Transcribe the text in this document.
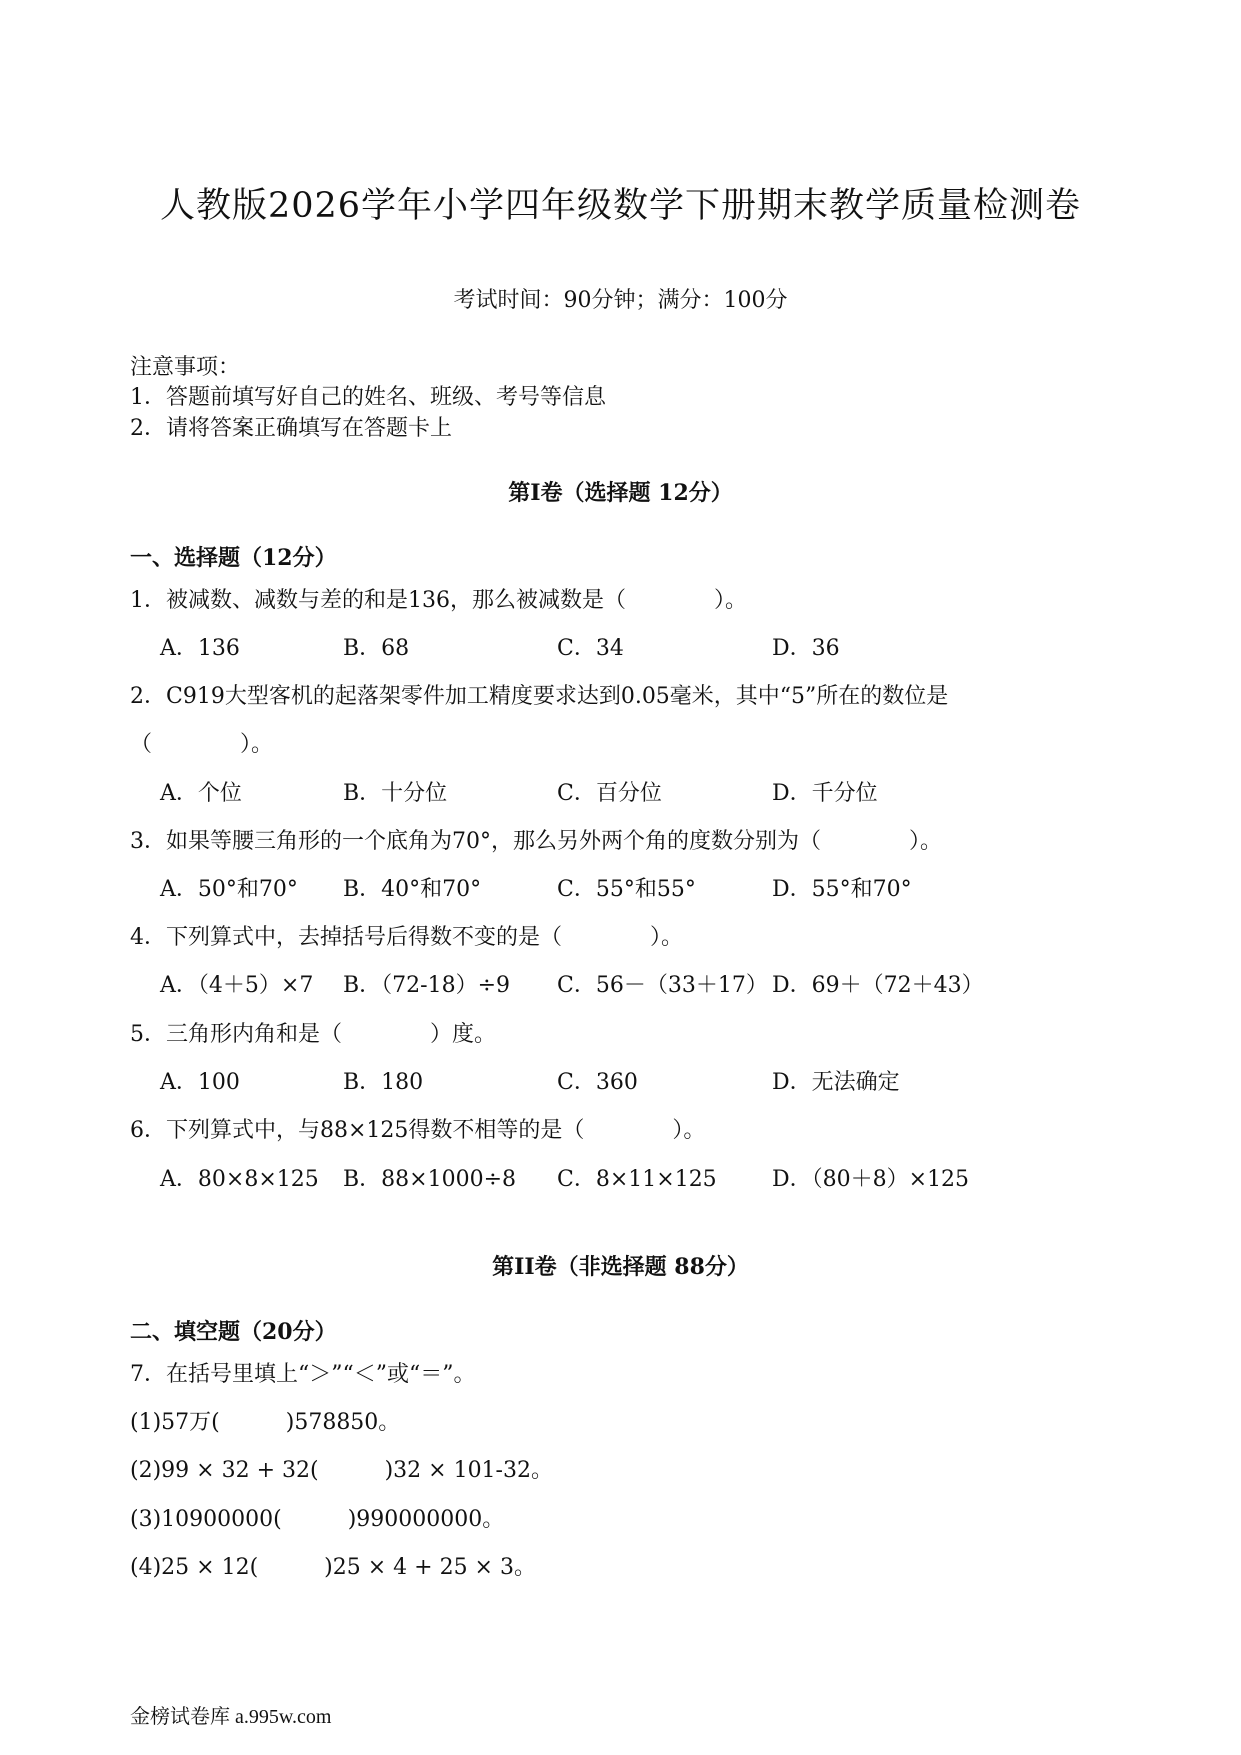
人教版2026学年小学四年级数学下册期末教学质量检测卷
考试时间：90分钟；满分：100分
注意事项：
1．答题前填写好自己的姓名、班级、考号等信息
2．请将答案正确填写在答题卡上
第I卷（选择题 12分）
一、选择题（12分）
1．被减数、减数与差的和是136，那么被减数是（　　　　）。
A．136	B．68	C．34	D．36
2．C919大型客机的起落架零件加工精度要求达到0.05毫米，其中“5”所在的数位是
（　　　　）。
A．个位	B．十分位	C．百分位	D．千分位
3．如果等腰三角形的一个底角为70°，那么另外两个角的度数分别为（　　　　）。
A．50°和70° B．40°和70°	C．55°和55°	D．55°和70°
4．下列算式中，去掉括号后得数不变的是（　　　　）。
A．（4＋5）×7 B．（72-18）÷9 C．56－（33＋17） D．69＋（72＋43）
5．三角形内角和是（　　　　）度。
A．100	B．180	C．360	D．无法确定
6．下列算式中，与88×125得数不相等的是（　　　　）。
A．80×8×125 B．88×1000÷8 C．8×11×125	D．（80＋8）×125
第II卷（非选择题 88分）
二、填空题（20分）
7．在括号里填上“＞”“＜”或“＝”。
(1)57万(　　　)578850。
(2)99 × 32 + 32(　　　)32 × 101-32。
(3)10900000(　　　)990000000。
(4)25 × 12(　　　)25 × 4 + 25 × 3。
金榜试卷库 a.995w.com
